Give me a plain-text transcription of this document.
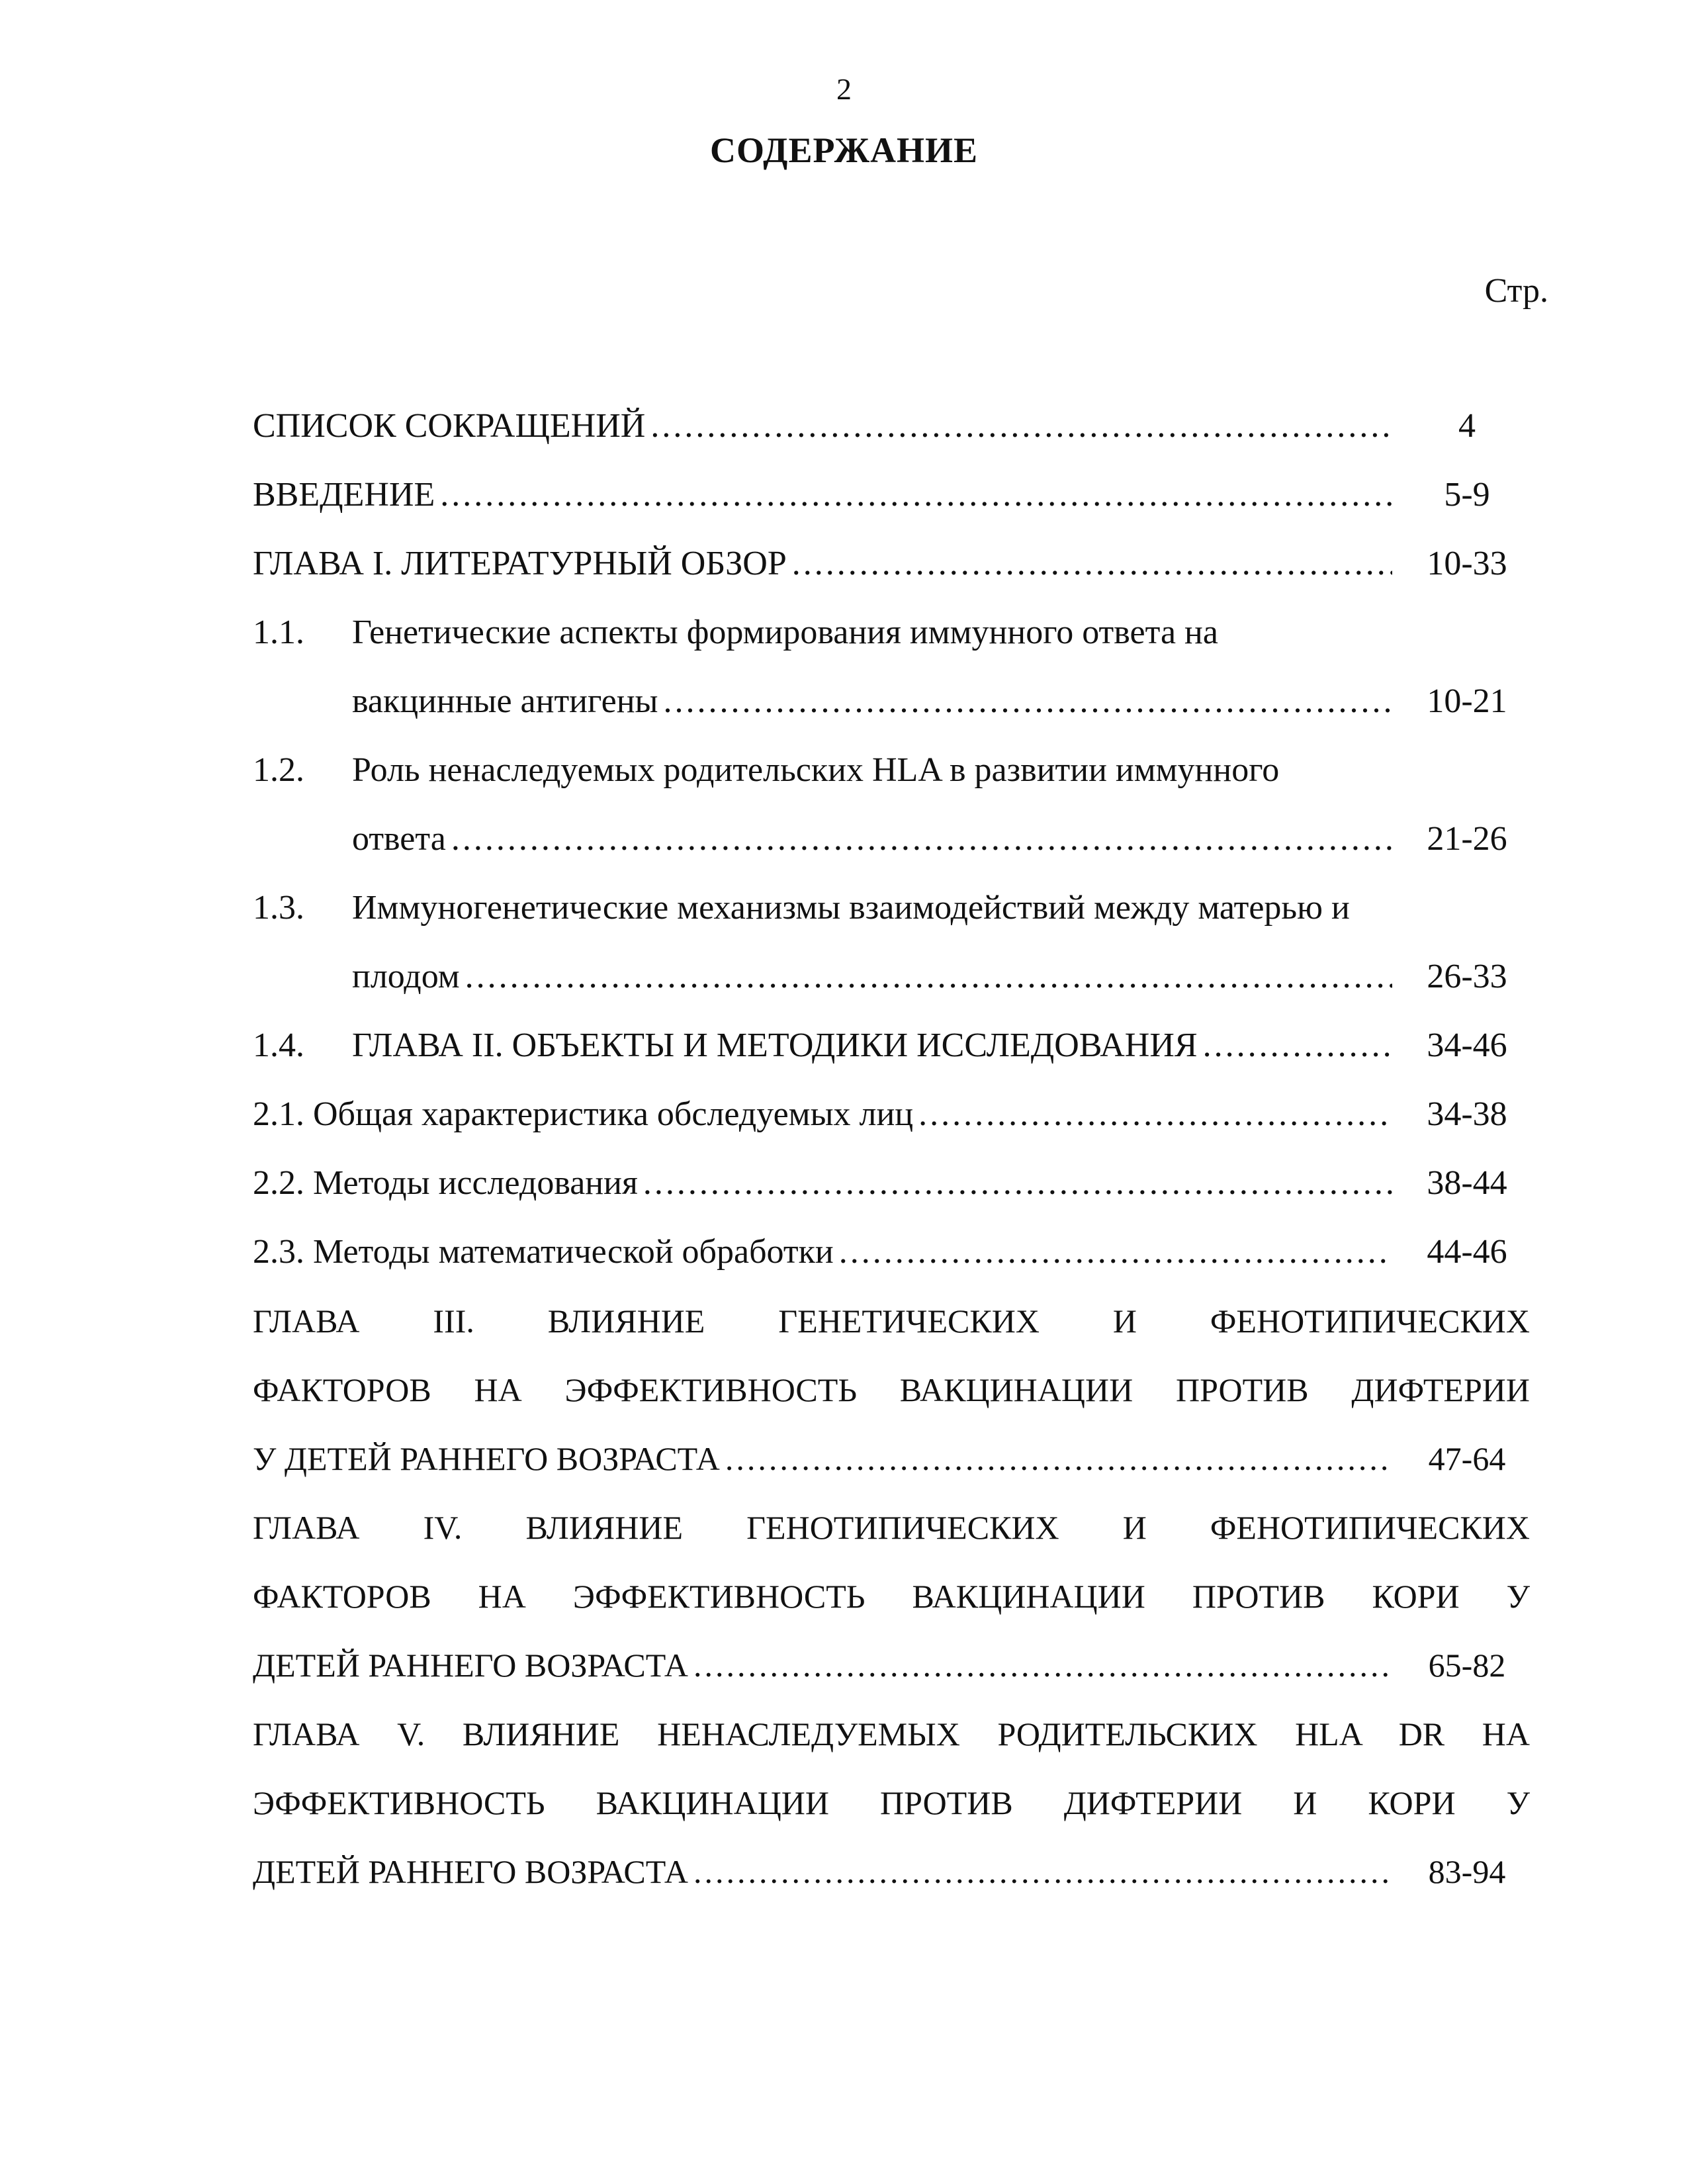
2
СОДЕРЖАНИЕ
Стр.
СПИСОК СОКРАЩЕНИЙ .....	4
ВВЕДЕНИЕ .....	5-9
ГЛАВА I. ЛИТЕРАТУРНЫЙ ОБЗОР .....	10-33
1.1. Генетические аспекты формирования иммунного ответа на
вакцинные антигены .....	10-21
1.2. Роль ненаследуемых родительских HLA в развитии иммунного
ответа .....	21-26
1.3. Иммуногенетические механизмы взаимодействий между матерью и
плодом .....	26-33
1.4. ГЛАВА II. ОБЪЕКТЫ И МЕТОДИКИ ИССЛЕДОВАНИЯ .....	34-46
2.1. Общая характеристика обследуемых лиц .....	34-38
2.2. Методы исследования .....	38-44
2.3. Методы математической обработки .....	44-46
ГЛАВА III. ВЛИЯНИЕ ГЕНЕТИЧЕСКИХ И ФЕНОТИПИЧЕСКИХ
ФАКТОРОВ НА ЭФФЕКТИВНОСТЬ ВАКЦИНАЦИИ ПРОТИВ ДИФТЕРИИ
У ДЕТЕЙ РАННЕГО ВОЗРАСТА .....	47-64
ГЛАВА IV. ВЛИЯНИЕ ГЕНОТИПИЧЕСКИХ И ФЕНОТИПИЧЕСКИХ
ФАКТОРОВ НА ЭФФЕКТИВНОСТЬ ВАКЦИНАЦИИ ПРОТИВ КОРИ У
ДЕТЕЙ РАННЕГО ВОЗРАСТА .....	65-82
ГЛАВА V. ВЛИЯНИЕ НЕНАСЛЕДУЕМЫХ РОДИТЕЛЬСКИХ HLA DR НА
ЭФФЕКТИВНОСТЬ ВАКЦИНАЦИИ ПРОТИВ ДИФТЕРИИ И КОРИ У
ДЕТЕЙ РАННЕГО ВОЗРАСТА .....	83-94
